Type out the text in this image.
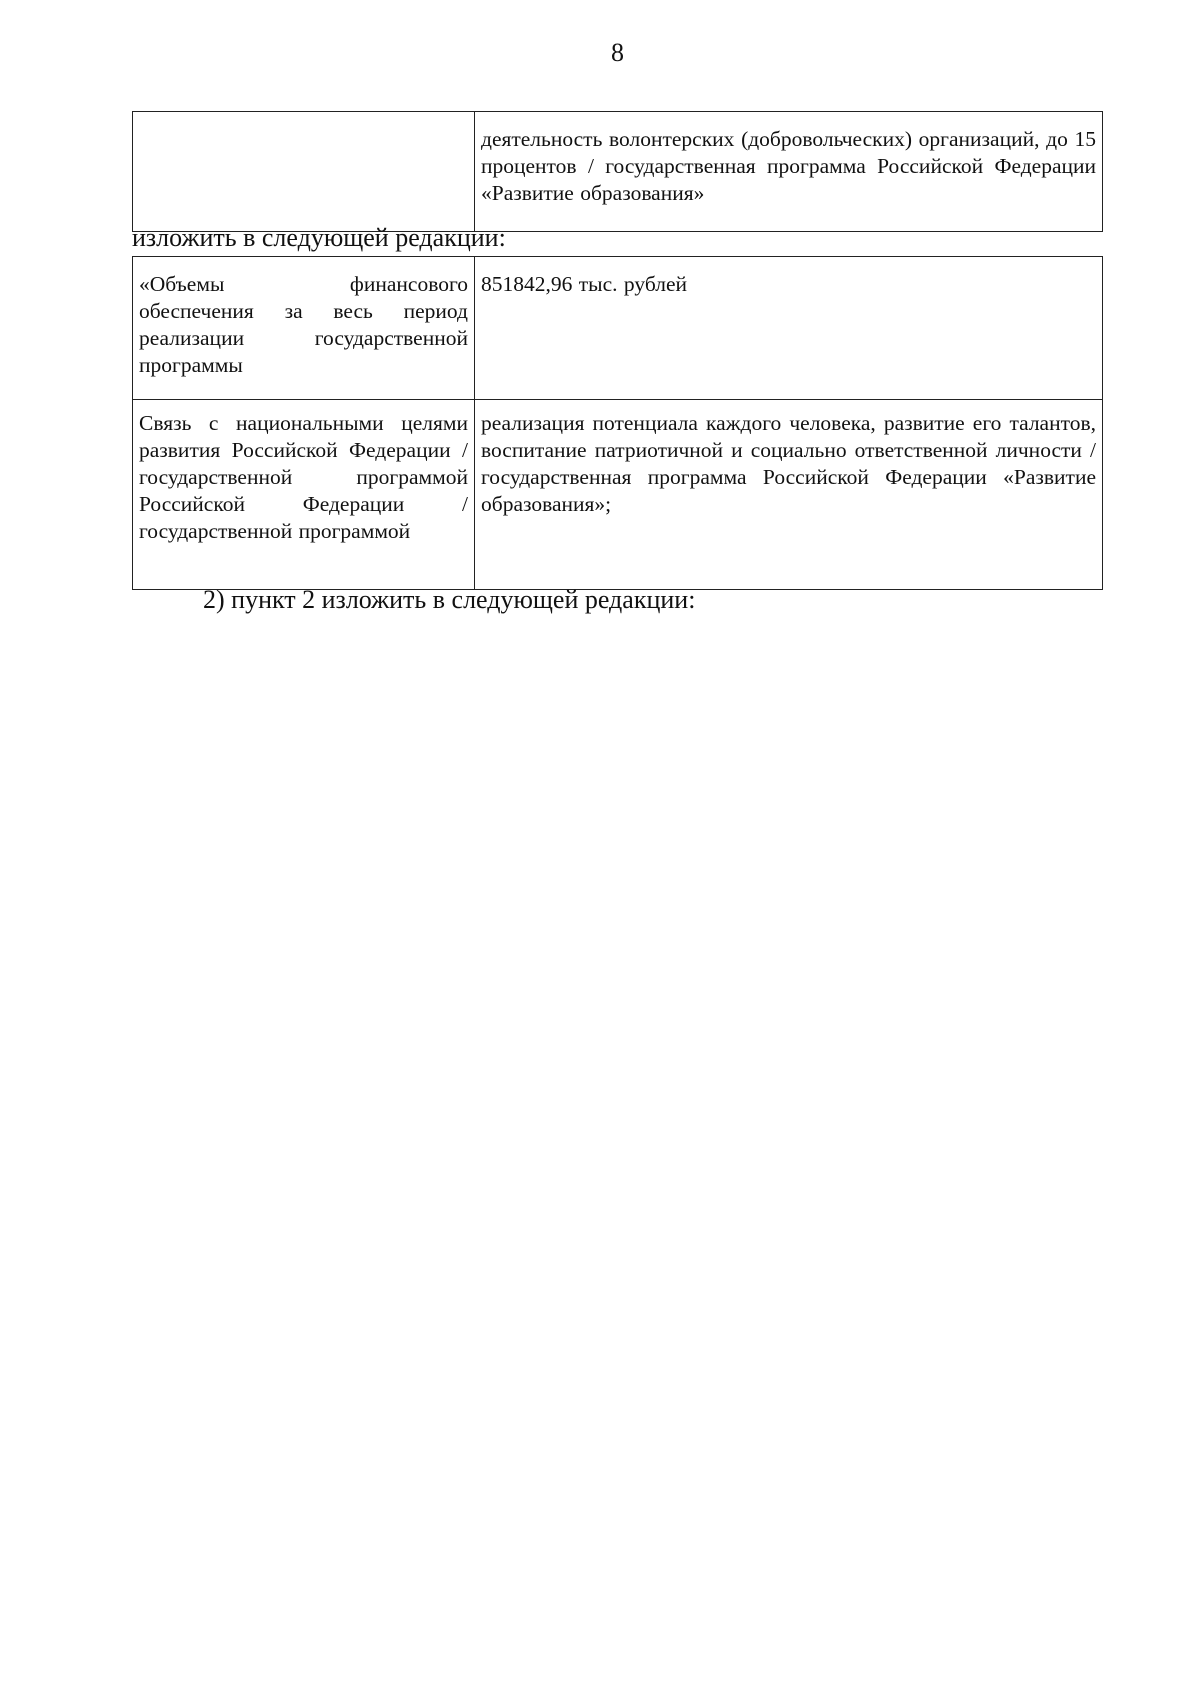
8
	деятельность волонтерских (добровольческих) организаций, до 15 процентов / государственная программа Российской Федерации «Развитие образования»
изложить в следующей редакции:
«Объемы финансового обеспечения за весь период реализации государственной программы	851842,96 тыс. рублей
Связь с национальными целями развития Российской Федерации / государственной программой Российской Федерации / государственной программой	реализация потенциала каждого человека, развитие его талантов, воспитание патриотичной и социально ответственной личности / государственная программа Российской Федерации «Развитие образования»;
2) пункт 2 изложить в следующей редакции:
